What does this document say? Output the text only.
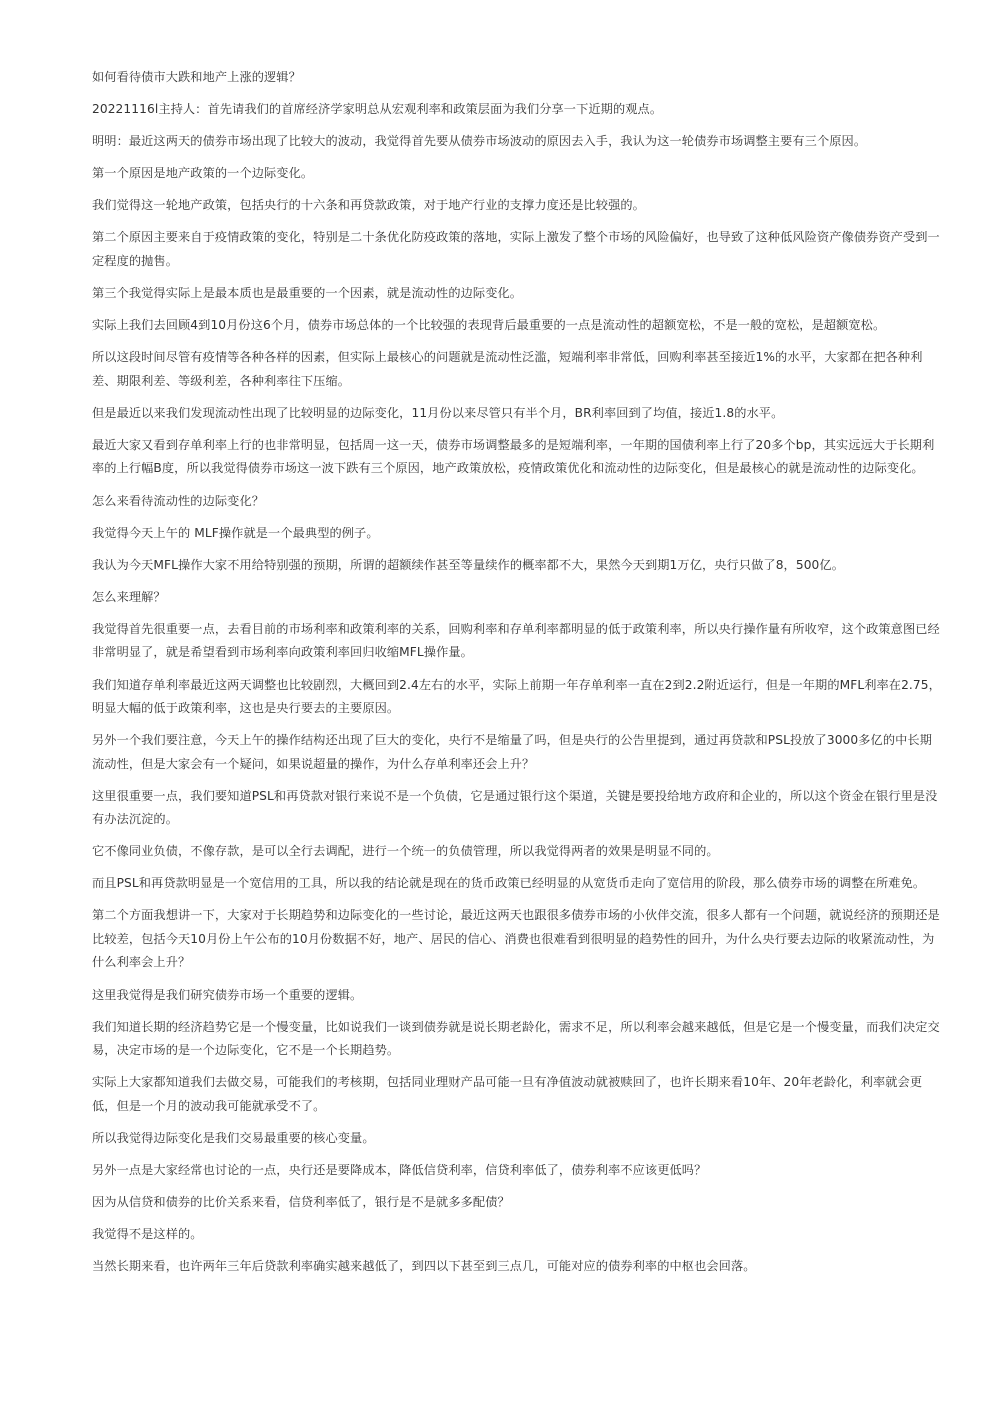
如何看待债市大跌和地产上涨的逻辑？

20221116l主持人：首先请我们的首席经济学家明总从宏观利率和政策层面为我们分享一下近期的观点。

明明：最近这两天的债券市场出现了比较大的波动，我觉得首先要从债券市场波动的原因去入手，我认为这一轮债券市场调整主要有三个原因。

第一个原因是地产政策的一个边际变化。

我们觉得这一轮地产政策，包括央行的十六条和再贷款政策，对于地产行业的支撑力度还是比较强的。

第二个原因主要来自于疫情政策的变化，特别是二十条优化防疫政策的落地，实际上激发了整个市场的风险偏好，也导致了这种低风险资产像债券资产受到一定程度的抛售。

第三个我觉得实际上是最本质也是最重要的一个因素，就是流动性的边际变化。

实际上我们去回顾4到10月份这6个月，债券市场总体的一个比较强的表现背后最重要的一点是流动性的超额宽松，不是一般的宽松，是超额宽松。

所以这段时间尽管有疫情等各种各样的因素，但实际上最核心的问题就是流动性泛滥，短端利率非常低，回购利率甚至接近1%的水平，大家都在把各种利差、期限利差、等级利差，各种利率往下压缩。

但是最近以来我们发现流动性出现了比较明显的边际变化，11月份以来尽管只有半个月，BR利率回到了均值，接近1.8的水平。

最近大家又看到存单利率上行的也非常明显，包括周一这一天，债券市场调整最多的是短端利率，一年期的国债利率上行了20多个bp，其实远远大于长期利率的上行幅B度，所以我觉得债券市场这一波下跌有三个原因，地产政策放松，疫情政策优化和流动性的边际变化，但是最核心的就是流动性的边际变化。

怎么来看待流动性的边际变化？

我觉得今天上午的 MLF操作就是一个最典型的例子。

我认为今天MFL操作大家不用给特别强的预期，所谓的超额续作甚至等量续作的概率都不大，果然今天到期1万亿，央行只做了8，500亿。

怎么来理解？

我觉得首先很重要一点，去看目前的市场利率和政策利率的关系，回购利率和存单利率都明显的低于政策利率，所以央行操作量有所收窄，这个政策意图已经非常明显了，就是希望看到市场利率向政策利率回归收缩MFL操作量。

我们知道存单利率最近这两天调整也比较剧烈，大概回到2.4左右的水平，实际上前期一年存单利率一直在2到2.2附近运行，但是一年期的MFL利率在2.75，明显大幅的低于政策利率，这也是央行要去的主要原因。

另外一个我们要注意，今天上午的操作结构还出现了巨大的变化，央行不是缩量了吗，但是央行的公告里提到，通过再贷款和PSL投放了3000多亿的中长期流动性，但是大家会有一个疑问，如果说超量的操作，为什么存单利率还会上升？

这里很重要一点，我们要知道PSL和再贷款对银行来说不是一个负债，它是通过银行这个渠道，关键是要投给地方政府和企业的，所以这个资金在银行里是没有办法沉淀的。

它不像同业负债，不像存款，是可以全行去调配，进行一个统一的负债管理，所以我觉得两者的效果是明显不同的。

而且PSL和再贷款明显是一个宽信用的工具，所以我的结论就是现在的货币政策已经明显的从宽货币走向了宽信用的阶段，那么债券市场的调整在所难免。

第二个方面我想讲一下，大家对于长期趋势和边际变化的一些讨论，最近这两天也跟很多债券市场的小伙伴交流，很多人都有一个问题，就说经济的预期还是比较差，包括今天10月份上午公布的10月份数据不好，地产、居民的信心、消费也很难看到很明显的趋势性的回升，为什么央行要去边际的收紧流动性，为什么利率会上升？

这里我觉得是我们研究债券市场一个重要的逻辑。

我们知道长期的经济趋势它是一个慢变量，比如说我们一谈到债券就是说长期老龄化，需求不足，所以利率会越来越低，但是它是一个慢变量，而我们决定交易，决定市场的是一个边际变化，它不是一个长期趋势。

实际上大家都知道我们去做交易，可能我们的考核期，包括同业理财产品可能一旦有净值波动就被赎回了，也许长期来看10年、20年老龄化，利率就会更低，但是一个月的波动我可能就承受不了。

所以我觉得边际变化是我们交易最重要的核心变量。

另外一点是大家经常也讨论的一点，央行还是要降成本，降低信贷利率，信贷利率低了，债券利率不应该更低吗？

因为从信贷和债券的比价关系来看，信贷利率低了，银行是不是就多多配债？

我觉得不是这样的。

当然长期来看，也许两年三年后贷款利率确实越来越低了，到四以下甚至到三点几，可能对应的债券利率的中枢也会回落。
